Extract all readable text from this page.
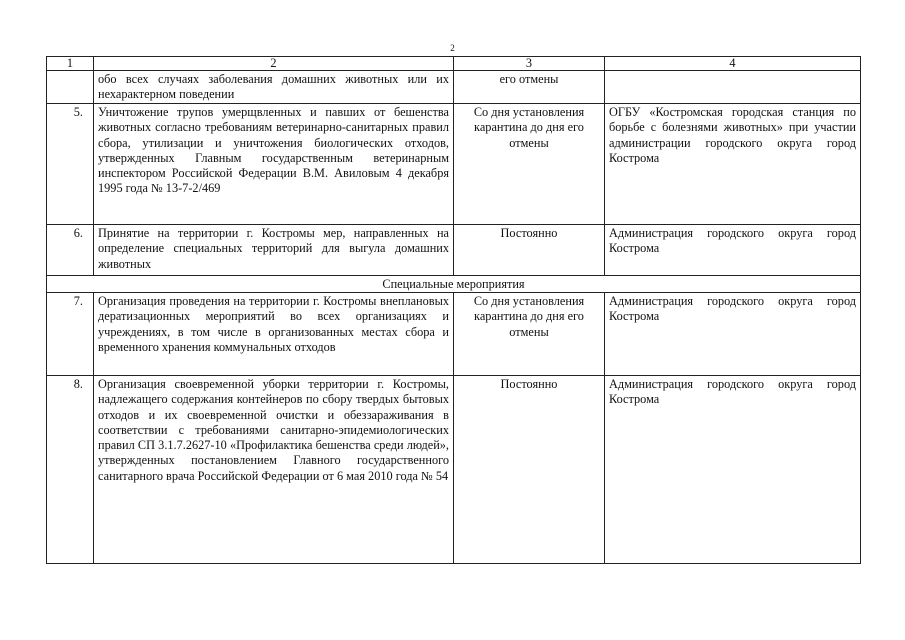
2
1	2	3	4
	обо всех случаях заболевания домашних животных или их нехарактерном поведении	его отмены	
5.	Уничтожение трупов умерщвленных и павших от бешенства животных согласно требованиям ветеринарно-санитарных правил сбора, утилизации и уничтожения биологических отходов, утвержденных Главным государственным ветеринарным инспектором Российской Федерации В.М. Авиловым 4 декабря 1995 года № 13-7-2/469	Со дня установления карантина до дня его отмены	ОГБУ «Костромская городская станция по борьбе с болезнями животных» при участии администрации городского округа город Кострома
6.	Принятие на территории г. Костромы мер, направленных на определение специальных территорий для выгула домашних животных	Постоянно	Администрация городского округа город Кострома
Специальные мероприятия			
7.	Организация проведения на территории г. Костромы внеплановых дератизационных мероприятий во всех организациях и учреждениях, в том числе в организованных местах сбора и временного хранения коммунальных отходов	Со дня установления карантина до дня его отмены	Администрация городского округа город Кострома
8.	Организация своевременной уборки территории г. Костромы, надлежащего содержания контейнеров по сбору твердых бытовых отходов и их своевременной очистки и обеззараживания в соответствии с требованиями санитарно-эпидемиологических правил СП 3.1.7.2627-10 «Профилактика бешенства среди людей», утвержденных постановлением Главного государственного санитарного врача Российской Федерации от 6 мая 2010 года № 54	Постоянно	Администрация городского округа город Кострома
